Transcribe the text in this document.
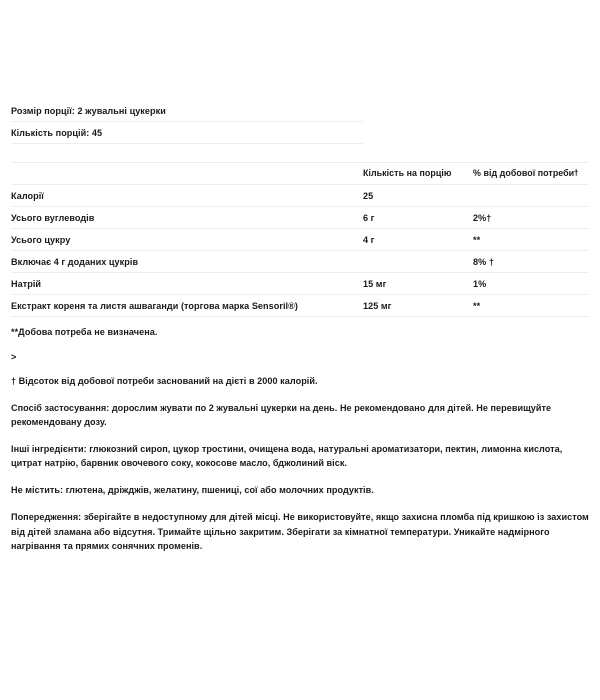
Розмір порції: 2 жувальні цукерки		
Кількість порцій: 45		

	Кількість на порцію	% від добової потребиϯ
Калорії	25	
Усього вуглеводів	6 г	2%†
Усього цукру	4 г	**
Включає 4 г доданих цукрів		8% †
Натрій	15 мг	1%
Екстракт кореня та листя ашваганди (торгова марка Sensoril®)	125 мг	**

**Добова потреба не визначена.

>

† Відсоток від добової потреби заснований на дієті в 2000 калорій.

Спосіб застосування: дорослим жувати по 2 жувальні цукерки на день. Не рекомендовано для дітей. Не перевищуйте рекомендовану дозу.

Інші інгредієнти: глюкозний сироп, цукор тростини, очищена вода, натуральні ароматизатори, пектин, лимонна кислота, цитрат натрію, барвник овочевого соку, кокосове масло, бджолиний віск.

Не містить: глютена, дріжджів, желатину, пшениці, сої або молочних продуктів.

Попередження: зберігайте в недоступному для дітей місці. Не використовуйте, якщо захисна пломба під кришкою із захистом від дітей зламана або відсутня. Тримайте щільно закритим. Зберігати за кімнатної температури. Уникайте надмірного нагрівання та прямих сонячних променів.
